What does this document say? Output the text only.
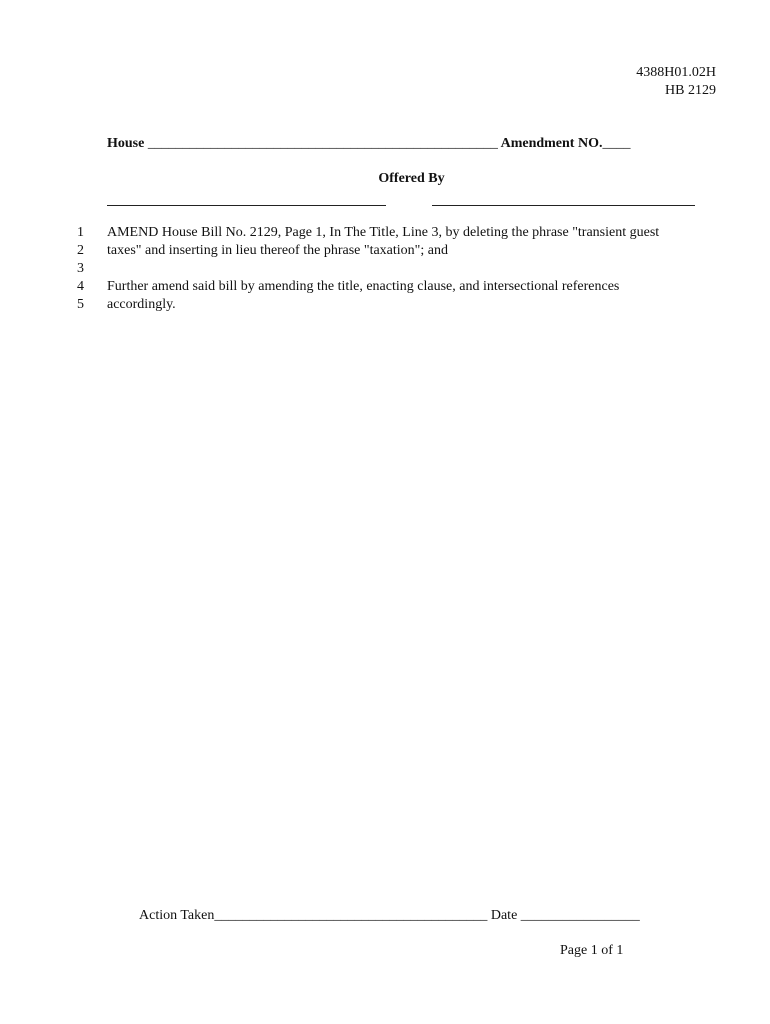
4388H01.02H
HB 2129
House __________________________________________________ Amendment NO.____
Offered By
1 AMEND House Bill No. 2129, Page 1, In The Title, Line 3, by deleting the phrase "transient guest
2 taxes" and inserting in lieu thereof the phrase "taxation"; and
3
4 Further amend said bill by amending the title, enacting clause, and intersectional references
5 accordingly.
Action Taken_______________________________________ Date _________________
Page 1 of 1
